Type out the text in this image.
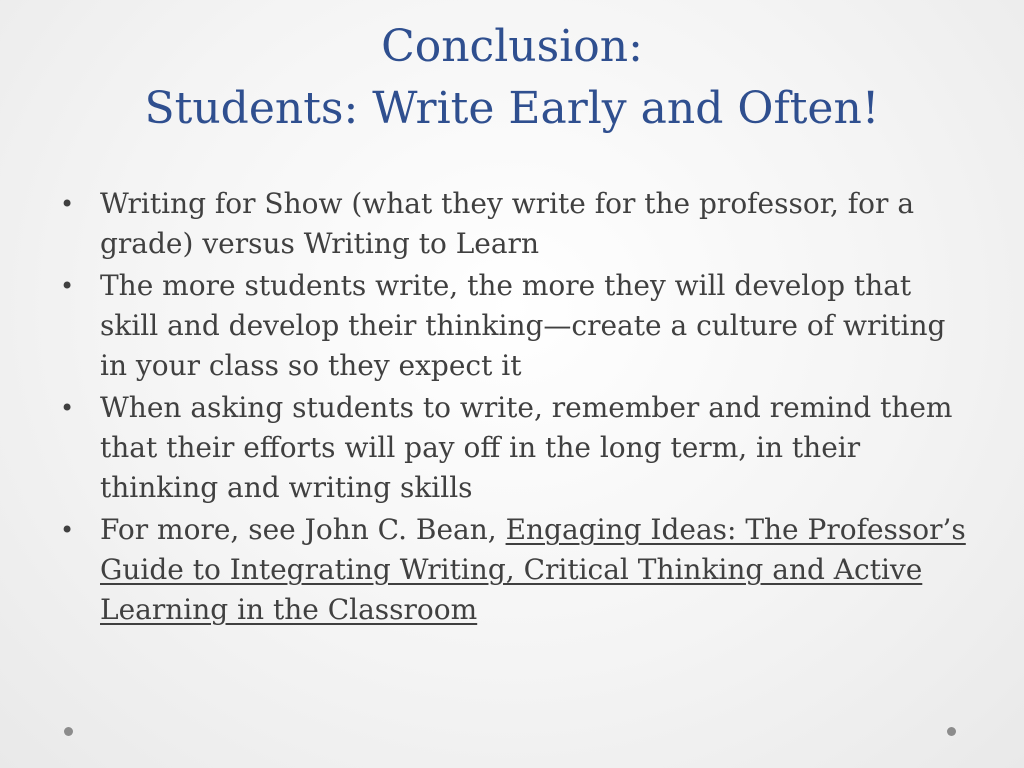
Conclusion:
Students: Write Early and Often!
• Writing for Show (what they write for the professor, for a grade) versus Writing to Learn
• The more students write, the more they will develop that skill and develop their thinking—create a culture of writing in your class so they expect it
• When asking students to write, remember and remind them that their efforts will pay off in the long term, in their thinking and writing skills
• For more, see John C. Bean, Engaging Ideas: The Professor’s Guide to Integrating Writing, Critical Thinking and Active Learning in the Classroom
